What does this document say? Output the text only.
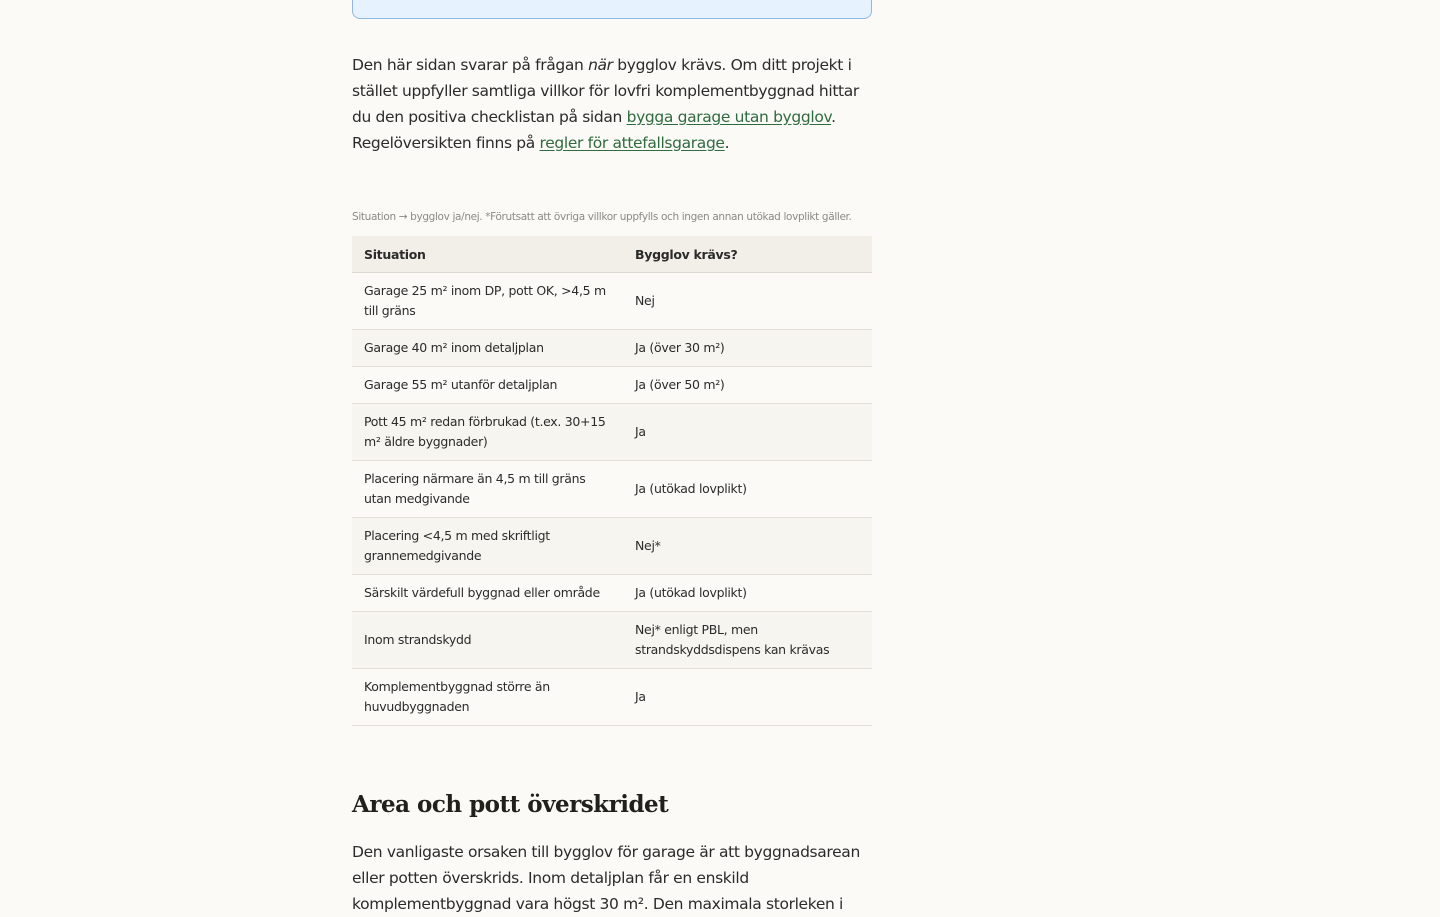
Den här sidan svarar på frågan när bygglov krävs. Om ditt projekt i stället uppfyller samtliga villkor för lovfri komplementbyggnad hittar du den positiva checklistan på sidan bygga garage utan bygglov. Regelöversikten finns på regler för attefallsgarage.

Situation → bygglov ja/nej. *Förutsatt att övriga villkor uppfylls och ingen annan utökad lovplikt gäller.
Situation	Bygglov krävs?
Garage 25 m² inom DP, pott OK, >4,5 m till gräns	Nej
Garage 40 m² inom detaljplan	Ja (över 30 m²)
Garage 55 m² utanför detaljplan	Ja (över 50 m²)
Pott 45 m² redan förbrukad (t.ex. 30+15 m² äldre byggnader)	Ja
Placering närmare än 4,5 m till gräns utan medgivande	Ja (utökad lovplikt)
Placering <4,5 m med skriftligt grannemedgivande	Nej*
Särskilt värdefull byggnad eller område	Ja (utökad lovplikt)
Inom strandskydd	Nej* enligt PBL, men strandskyddsdispens kan krävas
Komplementbyggnad större än huvudbyggnaden	Ja
Area och pott överskridet

Den vanligaste orsaken till bygglov för garage är att byggnadsarean eller potten överskrids. Inom detaljplan får en enskild komplementbyggnad vara högst 30 m². Den maximala storleken i
